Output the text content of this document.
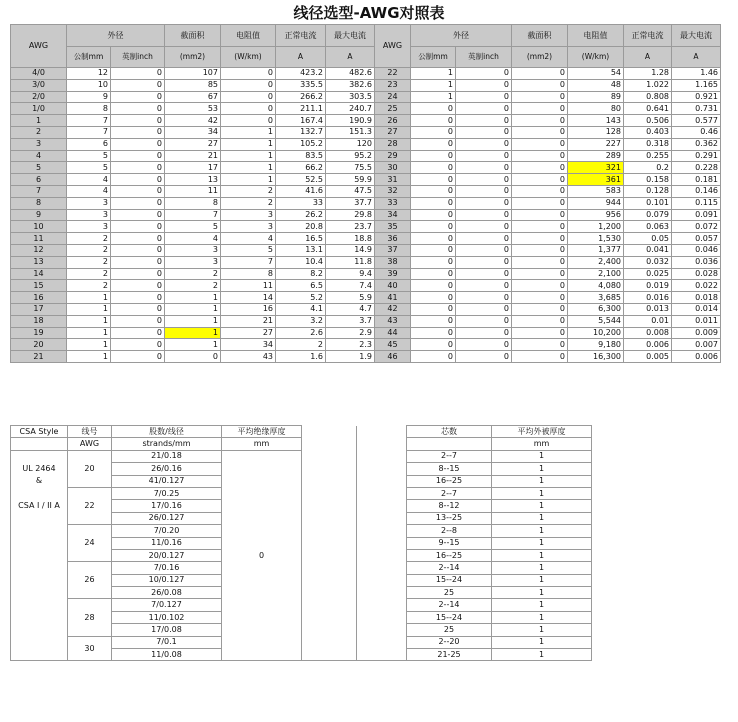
线径选型-AWG对照表
AWG	外径		截面积	电阻值	正常电流	最大电流	AWG	外径		截面积	电阻值	正常电流	最大电流
	公制mm	英制inch	(mm2)	(W/km)	A	A		公制mm	英制inch	(mm2)	(W/km)	A	A
4/0	12	0	107	0	423.2	482.6	22	1	0	0	54	1.28	1.46
3/0	10	0	85	0	335.5	382.6	23	1	0	0	48	1.022	1.165
2/0	9	0	67	0	266.2	303.5	24	1	0	0	89	0.808	0.921
1/0	8	0	53	0	211.1	240.7	25	0	0	0	80	0.641	0.731
1	7	0	42	0	167.4	190.9	26	0	0	0	143	0.506	0.577
2	7	0	34	1	132.7	151.3	27	0	0	0	128	0.403	0.46
3	6	0	27	1	105.2	120	28	0	0	0	227	0.318	0.362
4	5	0	21	1	83.5	95.2	29	0	0	0	289	0.255	0.291
5	5	0	17	1	66.2	75.5	30	0	0	0	321	0.2	0.228
6	4	0	13	1	52.5	59.9	31	0	0	0	361	0.158	0.181
7	4	0	11	2	41.6	47.5	32	0	0	0	583	0.128	0.146
8	3	0	8	2	33	37.7	33	0	0	0	944	0.101	0.115
9	3	0	7	3	26.2	29.8	34	0	0	0	956	0.079	0.091
10	3	0	5	3	20.8	23.7	35	0	0	0	1,200	0.063	0.072
11	2	0	4	4	16.5	18.8	36	0	0	0	1,530	0.05	0.057
12	2	0	3	5	13.1	14.9	37	0	0	0	1,377	0.041	0.046
13	2	0	3	7	10.4	11.8	38	0	0	0	2,400	0.032	0.036
14	2	0	2	8	8.2	9.4	39	0	0	0	2,100	0.025	0.028
15	2	0	2	11	6.5	7.4	40	0	0	0	4,080	0.019	0.022
16	1	0	1	14	5.2	5.9	41	0	0	0	3,685	0.016	0.018
17	1	0	1	16	4.1	4.7	42	0	0	0	6,300	0.013	0.014
18	1	0	1	21	3.2	3.7	43	0	0	0	5,544	0.01	0.011
19	1	0	1	27	2.6	2.9	44	0	0	0	10,200	0.008	0.009
20	1	0	1	34	2	2.3	45	0	0	0	9,180	0.006	0.007
21	1	0	0	43	1.6	1.9	46	0	0	0	16,300	0.005	0.006
CSA Style	线号	股数/线径	平均绝缘厚度			芯数	平均外被厚度
	AWG	strands/mm	mm				mm
	20	21/0.18	0			2--7	1
UL 2464		26/0.16				8--15	1
&		41/0.127				16--25	1
	22	7/0.25				2--7	1
CSA I / II A		17/0.16				8--12	1
		26/0.127				13--25	1
	24	7/0.20				2--8	1
		11/0.16				9--15	1
		20/0.127				16--25	1
	26	7/0.16				2--14	1
		10/0.127				15--24	1
		26/0.08				25	1
	28	7/0.127				2--14	1
		11/0.102				15--24	1
		17/0.08				25	1
	30	7/0.1				2--20	1
		11/0.08				21-25	1
